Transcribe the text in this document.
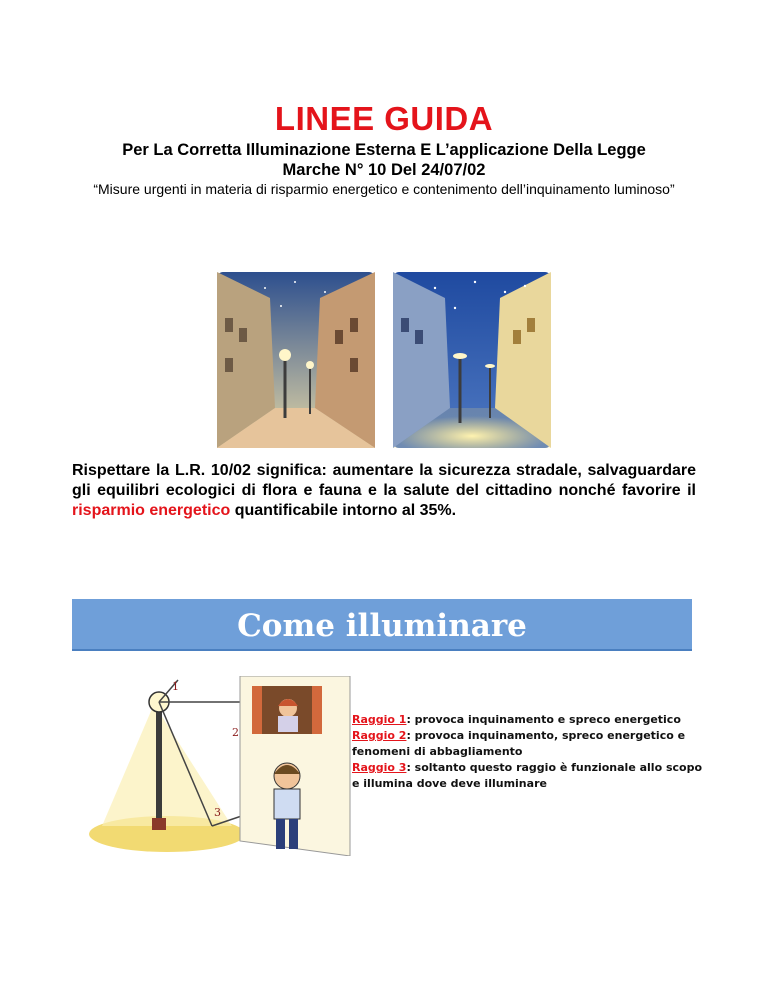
LINEE GUIDA
Per La Corretta Illuminazione Esterna E L’applicazione Della Legge
Marche N° 10 Del 24/07/02
“Misure urgenti in materia di risparmio energetico e contenimento dell’inquinamento luminoso”
Rispettare la L.R. 10/02 significa: aumentare la sicurezza stradale, salvaguardare gli equilibri ecologici di flora e fauna e la salute del cittadino nonché favorire il risparmio energetico quantificabile intorno al 35%.
Come illuminare
1
2
3
Raggio 1: provoca inquinamento e spreco energetico
Raggio 2: provoca inquinamento, spreco energetico e fenomeni di abbagliamento
Raggio 3: soltanto questo raggio è funzionale allo scopo e illumina dove deve illuminare
